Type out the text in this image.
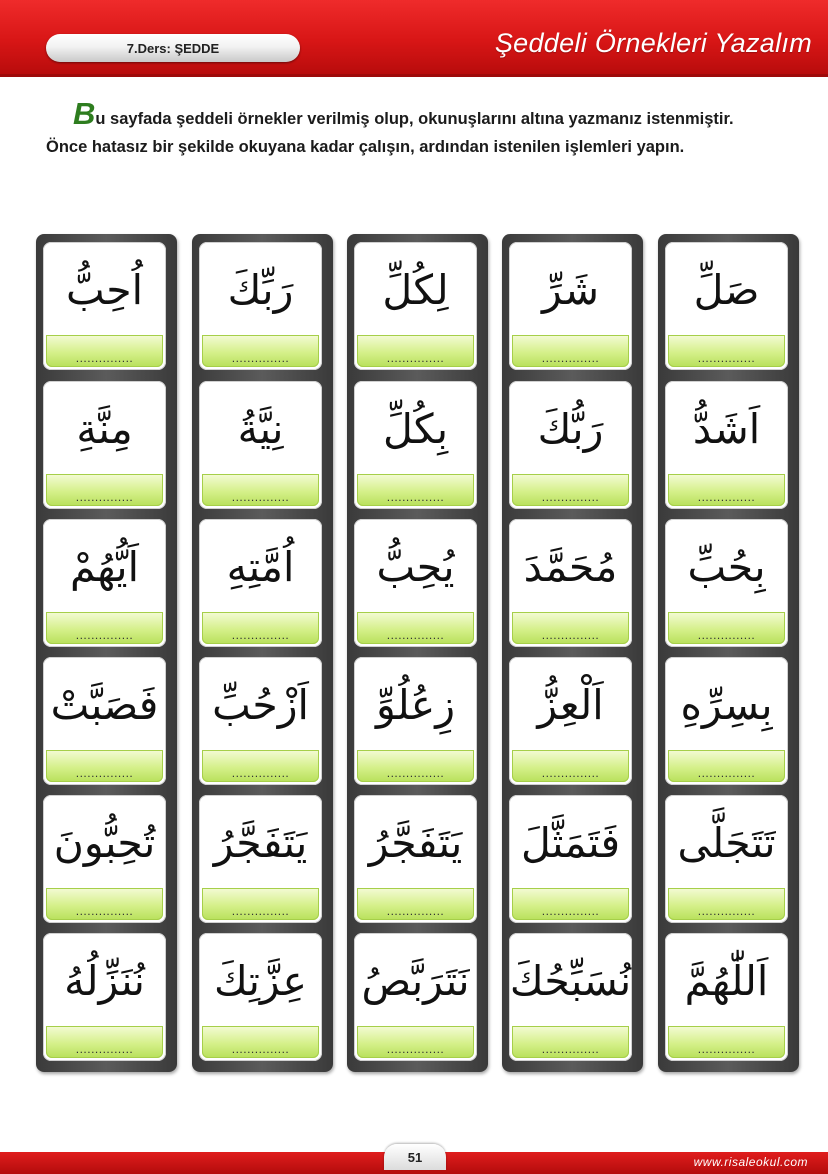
7.Ders: ŞEDDE	Şeddeli Örnekleri Yazalım
Bu sayfada şeddeli örnekler verilmiş olup, okunuşlarını altına yazmanız istenmiştir. Önce hatasız bir şekilde okuyana kadar çalışın, ardından istenilen işlemleri yapın.
اُحِبُّ
...............
مِنَّةِ
...............
اَيُّهُمْ
...............
فَصَبَّتْ
...............
تُحِبُّونَ
...............
نُنَزِّلُهُ
...............
رَبِّكَ
...............
نِيَّةُ
...............
اُمَّتِهِ
...............
اَزْحُبِّ
...............
يَتَفَجَّرُ
...............
عِزَّتِكَ
...............
لِكُلِّ
...............
بِكُلِّ
...............
يُحِبُّ
...............
زِعُلُوِّ
...............
يَتَفَجَّرُ
...............
نَتَرَبَّصُ
...............
شَرِّ
...............
رَبُّكَ
...............
مُحَمَّدَ
...............
اَلْعِزُّ
...............
فَتَمَثَّلَ
...............
نُسَبِّحُكَ
...............
صَلِّ
...............
اَشَدُّ
...............
بِحُبِّ
...............
بِسِرِّهِ
...............
تَتَجَلَّى
...............
اَللّٰهُمَّ
...............
51	www.risaleokul.com
